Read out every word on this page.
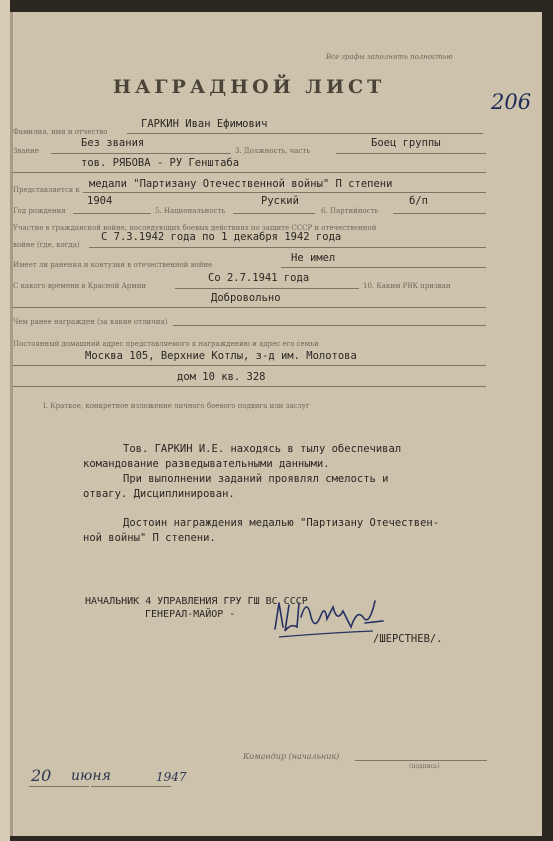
Все графы заполнять полностью
206
НАГРАДНОЙ ЛИСТ
Фамилия, имя и отчество
ГАРКИН Иван Ефимович
Звание
Без звания
3. Должность, часть
Боец группы
тов. РЯБОВА - РУ Генштаба
Представляется к медали "Партизану Отечественной войны" П степени
Год рождения
1904
5. Национальность
Руский
6. Партийность
б/п
Участие в гражданской войне, последующих боевых действиях по защите СССР и отечественной
войне (где, когда)
С 7.3.1942 года по 1 декабря 1942 года
Имеет ли ранения и контузии в отечественной войне
Не имел
С какого времени в Красной Армии
Со 2.7.1941 года
10. Каким РВК призван
Добровольно
Чем ранее награжден (за какие отличия)
Постоянный домашний адрес представляемого к награждению и адрес его семьи
Москва 105, Верхние Котлы, з-д им. Молотова
дом 10 кв. 328
I. Краткое, конкретное изложение личного боевого подвига или заслуг
Тов. ГАРКИН И.Е. находясь в тылу обеспечивал
командование разведывательными данными.
При выполнении заданий проявлял смелость и
отвагу. Дисциплинирован.
Достоин награждения медалью "Партизану Отечествен-
ной войны" П степени.
НАЧАЛЬНИК 4 УПРАВЛЕНИЯ ГРУ ГШ ВС СССР
ГЕНЕРАЛ-МАЙОР -
/ШЕРСТНЕВ/.
Командир (начальник)
(подпись)
20 июня	1947
